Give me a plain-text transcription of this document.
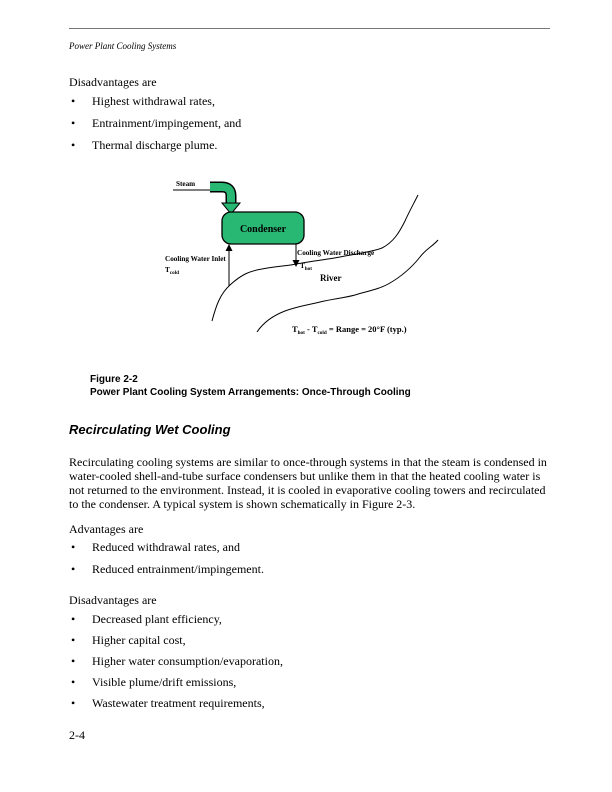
Power Plant Cooling Systems
Disadvantages are
• Highest withdrawal rates,
• Entrainment/impingement, and
• Thermal discharge plume.
Steam
Condenser
Cooling Water Inlet
$T_{cold}$
Cooling Water Discharge
$T_{hot}$
River
$T_{hot} - T_{cold}$ = Range = 20°F (typ.)
Figure 2-2
Power Plant Cooling System Arrangements: Once-Through Cooling
Recirculating Wet Cooling
Recirculating cooling systems are similar to once-through systems in that the steam is condensed in water-cooled shell-and-tube surface condensers but unlike them in that the heated cooling water is not returned to the environment. Instead, it is cooled in evaporative cooling towers and recirculated to the condenser. A typical system is shown schematically in Figure 2-3.
Advantages are
• Reduced withdrawal rates, and
• Reduced entrainment/impingement.
Disadvantages are
• Decreased plant efficiency,
• Higher capital cost,
• Higher water consumption/evaporation,
• Visible plume/drift emissions,
• Wastewater treatment requirements,
2-4
